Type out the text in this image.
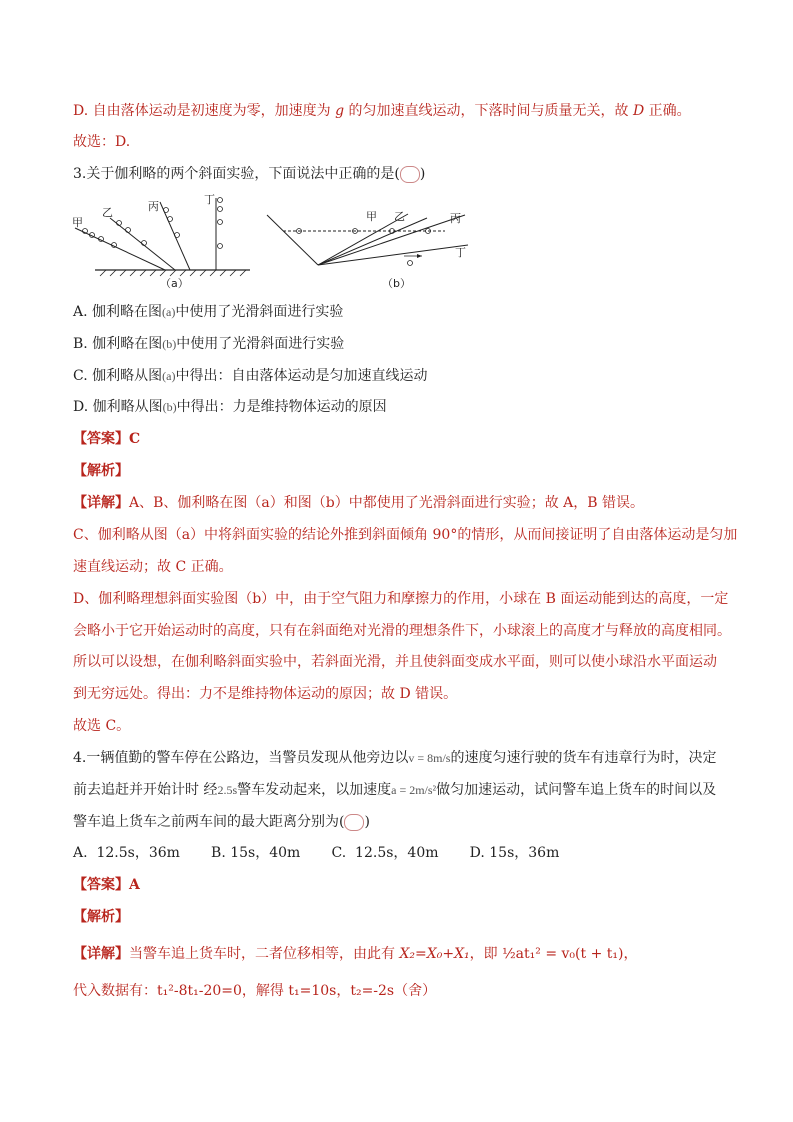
D. 自由落体运动是初速度为零，加速度为 g 的匀加速直线运动，下落时间与质量无关，故 D 正确。
故选：D.
3.关于伽利略的两个斜面实验，下面说法中正确的是( )
甲
乙	丙
丁
（a）
甲 乙	丙
丁
（b）
A. 伽利略在图(a)中使用了光滑斜面进行实验
B. 伽利略在图(b)中使用了光滑斜面进行实验
C. 伽利略从图(a)中得出：自由落体运动是匀加速直线运动
D. 伽利略从图(b)中得出：力是维持物体运动的原因
【答案】C
【解析】
【详解】A、B、伽利略在图（a）和图（b）中都使用了光滑斜面进行实验；故 A，B 错误。
C、伽利略从图（a）中将斜面实验的结论外推到斜面倾角 90°的情形，从而间接证明了自由落体运动是匀加
速直线运动；故 C 正确。
D、伽利略理想斜面实验图（b）中，由于空气阻力和摩擦力的作用，小球在 B 面运动能到达的高度，一定
会略小于它开始运动时的高度，只有在斜面绝对光滑的理想条件下，小球滚上的高度才与释放的高度相同。
所以可以设想，在伽利略斜面实验中，若斜面光滑，并且使斜面变成水平面，则可以使小球沿水平面运动
到无穷远处。得出：力不是维持物体运动的原因；故 D 错误。
故选 C。
4.一辆值勤的警车停在公路边，当警员发现从他旁边以v = 8m/s的速度匀速行驶的货车有违章行为时，决定
前去追赶并开始计时 经2.5s警车发动起来，以加速度a = 2m/s²做匀加速运动，试问警车追上货车的时间以及
警车追上货车之前两车间的最大距离分别为( )
A.  12.5s，36m       B. 15s，40m       C.  12.5s，40m       D. 15s，36m
【答案】A
【解析】
【详解】当警车追上货车时，二者位移相等，由此有 X₂=X₀+X₁，即 ½at₁² = v₀(t + t₁)，
代入数据有：t₁²-8t₁-20=0，解得 t₁=10s，t₂=-2s（舍）
